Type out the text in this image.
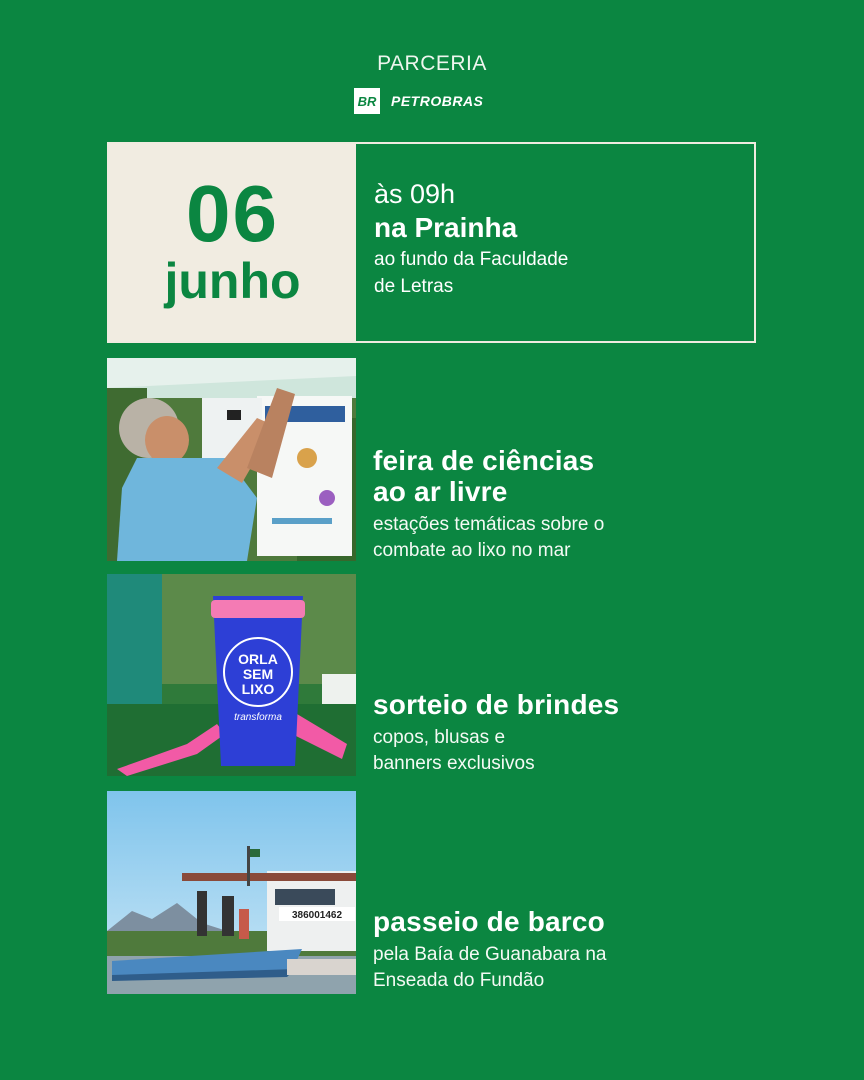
PARCERIA
BR PETROBRAS
06
junho
às 09h
na Prainha
ao fundo da Faculdade
de Letras
feira de ciências
ao ar livre
estações temáticas sobre o
combate ao lixo no mar
ORLA
SEM
LIXO
transforma	sorteio de brindes
copos, blusas e
banners exclusivos
386001462 passeio de barco
pela Baía de Guanabara na
Enseada do Fundão
